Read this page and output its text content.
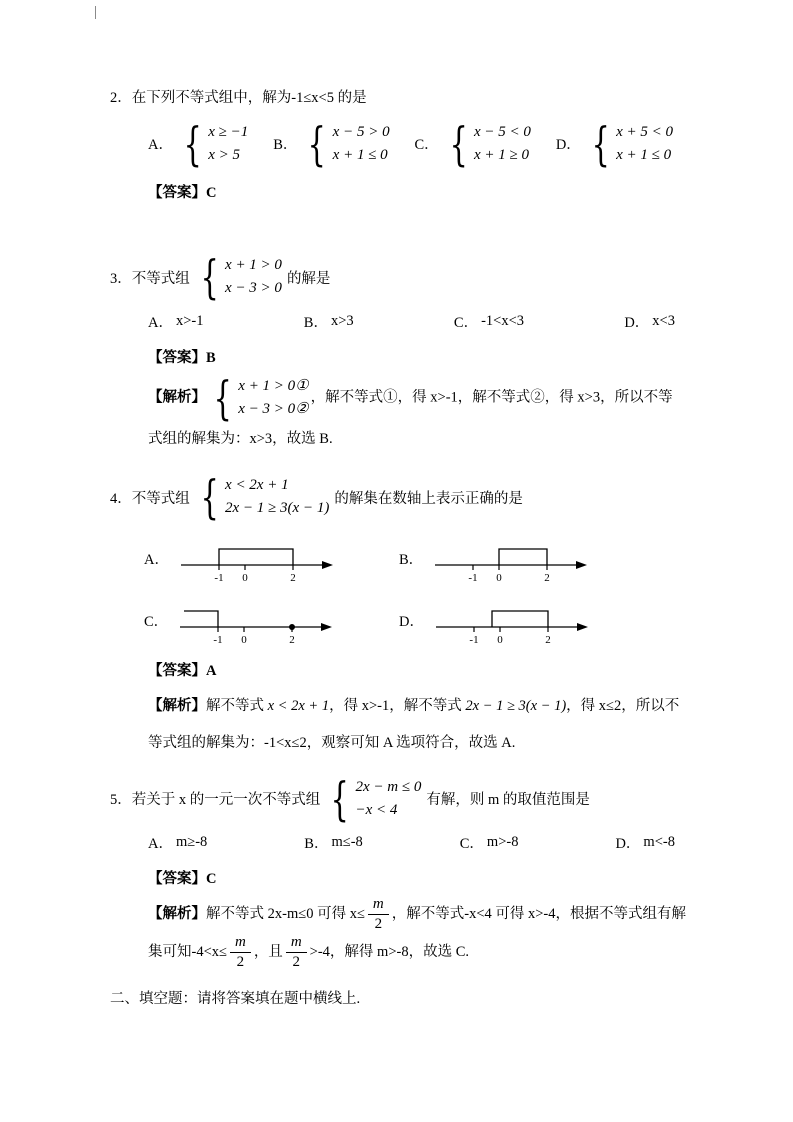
2．在下列不等式组中，解为-1≤x<5 的是

A． { x ≥ −1
x > 5
B． { x − 5 > 0
x + 1 ≤ 0
C． { x − 5 < 0
x + 1 ≥ 0
D． { x + 5 < 0
x + 1 ≤ 0

【答案】C

3．不等式组 { x + 1 > 0
x − 3 > 0
的解是
A． x>-1	B． x>3	C． -1<x<3	D． x<3

【答案】B

【解析】 { x + 1 > 0①
x − 3 > 0②
，解不等式①，得 x>-1，解不等式②，得 x>3，所以不等式组的解集为：x>3，故选 B.

4．不等式组 { x < 2x + 1
2x − 1 ≥ 3(x − 1)
的解集在数轴上表示正确的是
A．
-1 0	2
B．
-1 0	2
C．
-1 0	2
D．
-1 0	2

【答案】A

【解析】解不等式 x < 2x + 1，得 x>-1，解不等式 2x − 1 ≥ 3(x − 1)，得 x≤2，所以不等式组的解集为：-1<x≤2，观察可知 A 选项符合，故选 A.

5．若关于 x 的一元一次不等式组 { 2x − m ≤ 0
−x < 4
有解，则 m 的取值范围是
A． m≥-8	B． m≤-8	C． m>-8	D． m<-8

【答案】C

【解析】解不等式 2x-m≤0 可得 $x\le \frac{m}{2}$ ，解不等式-x<4 可得 x>-4，根据不等式组有解集可知$-4<x\le \frac{m}{2}$ ，且 $\frac{m}{2} >-4$，解得 m>-8，故选 C.

二、填空题：请将答案填在题中横线上.
